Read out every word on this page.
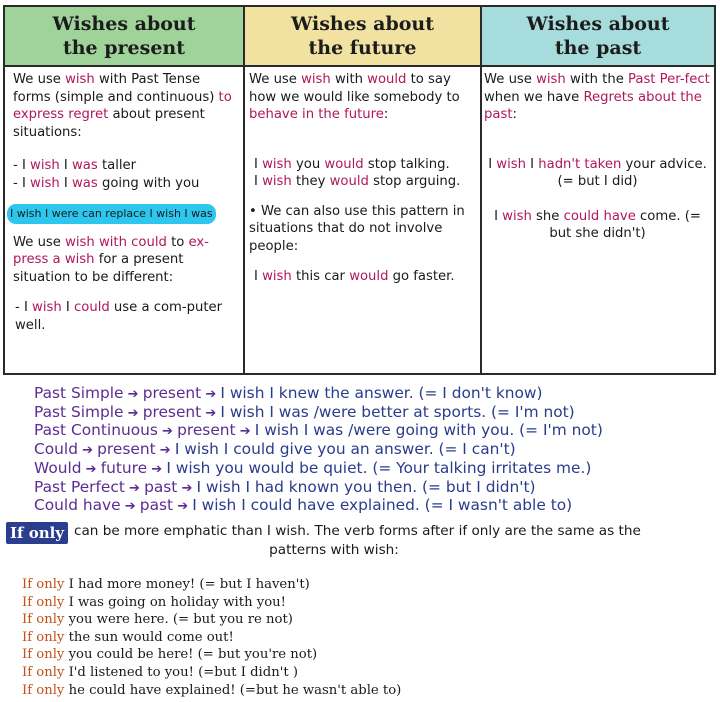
Wishes about
the present
Wishes about
the future
Wishes about
the past

We use wish with Past Tense forms (simple and continuous) to express regret about present situations:

- I wish I was taller

- I wish I was going with you

I wish I were can replace I wish I was

We use wish with could to ex-press a wish for a present situation to be different:

- I wish I could use a com-puter well.

We use wish with would to say how we would like somebody to behave in the future:

I wish you would stop talking.

I wish they would stop arguing.

• We can also use this pattern in situations that do not involve people:

I wish this car would go faster.

We use wish with the Past Per-fect when we have Regrets about the past:

I wish I hadn't taken your advice. (= but I did)

I wish she could have come. (= but she didn't)

Past Simple ➔ present ➔ I wish I knew the answer. (= I don't know)
Past Simple ➔ present ➔ I wish I was /were better at sports. (= I'm not)
Past Continuous ➔ present ➔ I wish I was /were going with you. (= I'm not)
Could ➔ present ➔ I wish I could give you an answer. (= I can't)
Would ➔ future ➔ I wish you would be quiet. (= Your talking irritates me.)
Past Perfect ➔ past ➔ I wish I had known you then. (= but I didn't)
Could have ➔ past ➔ I wish I could have explained. (= I wasn't able to)
If only can be more emphatic than I wish. The verb forms after if only are the same as the
patterns with wish:
If only I had more money! (= but I haven't)
If only I was going on holiday with you!
If only you were here. (= but you re not)
If only the sun would come out!
If only you could be here! (= but you're not)
If only I'd listened to you! (=but I didn't )
If only he could have explained! (=but he wasn't able to)
